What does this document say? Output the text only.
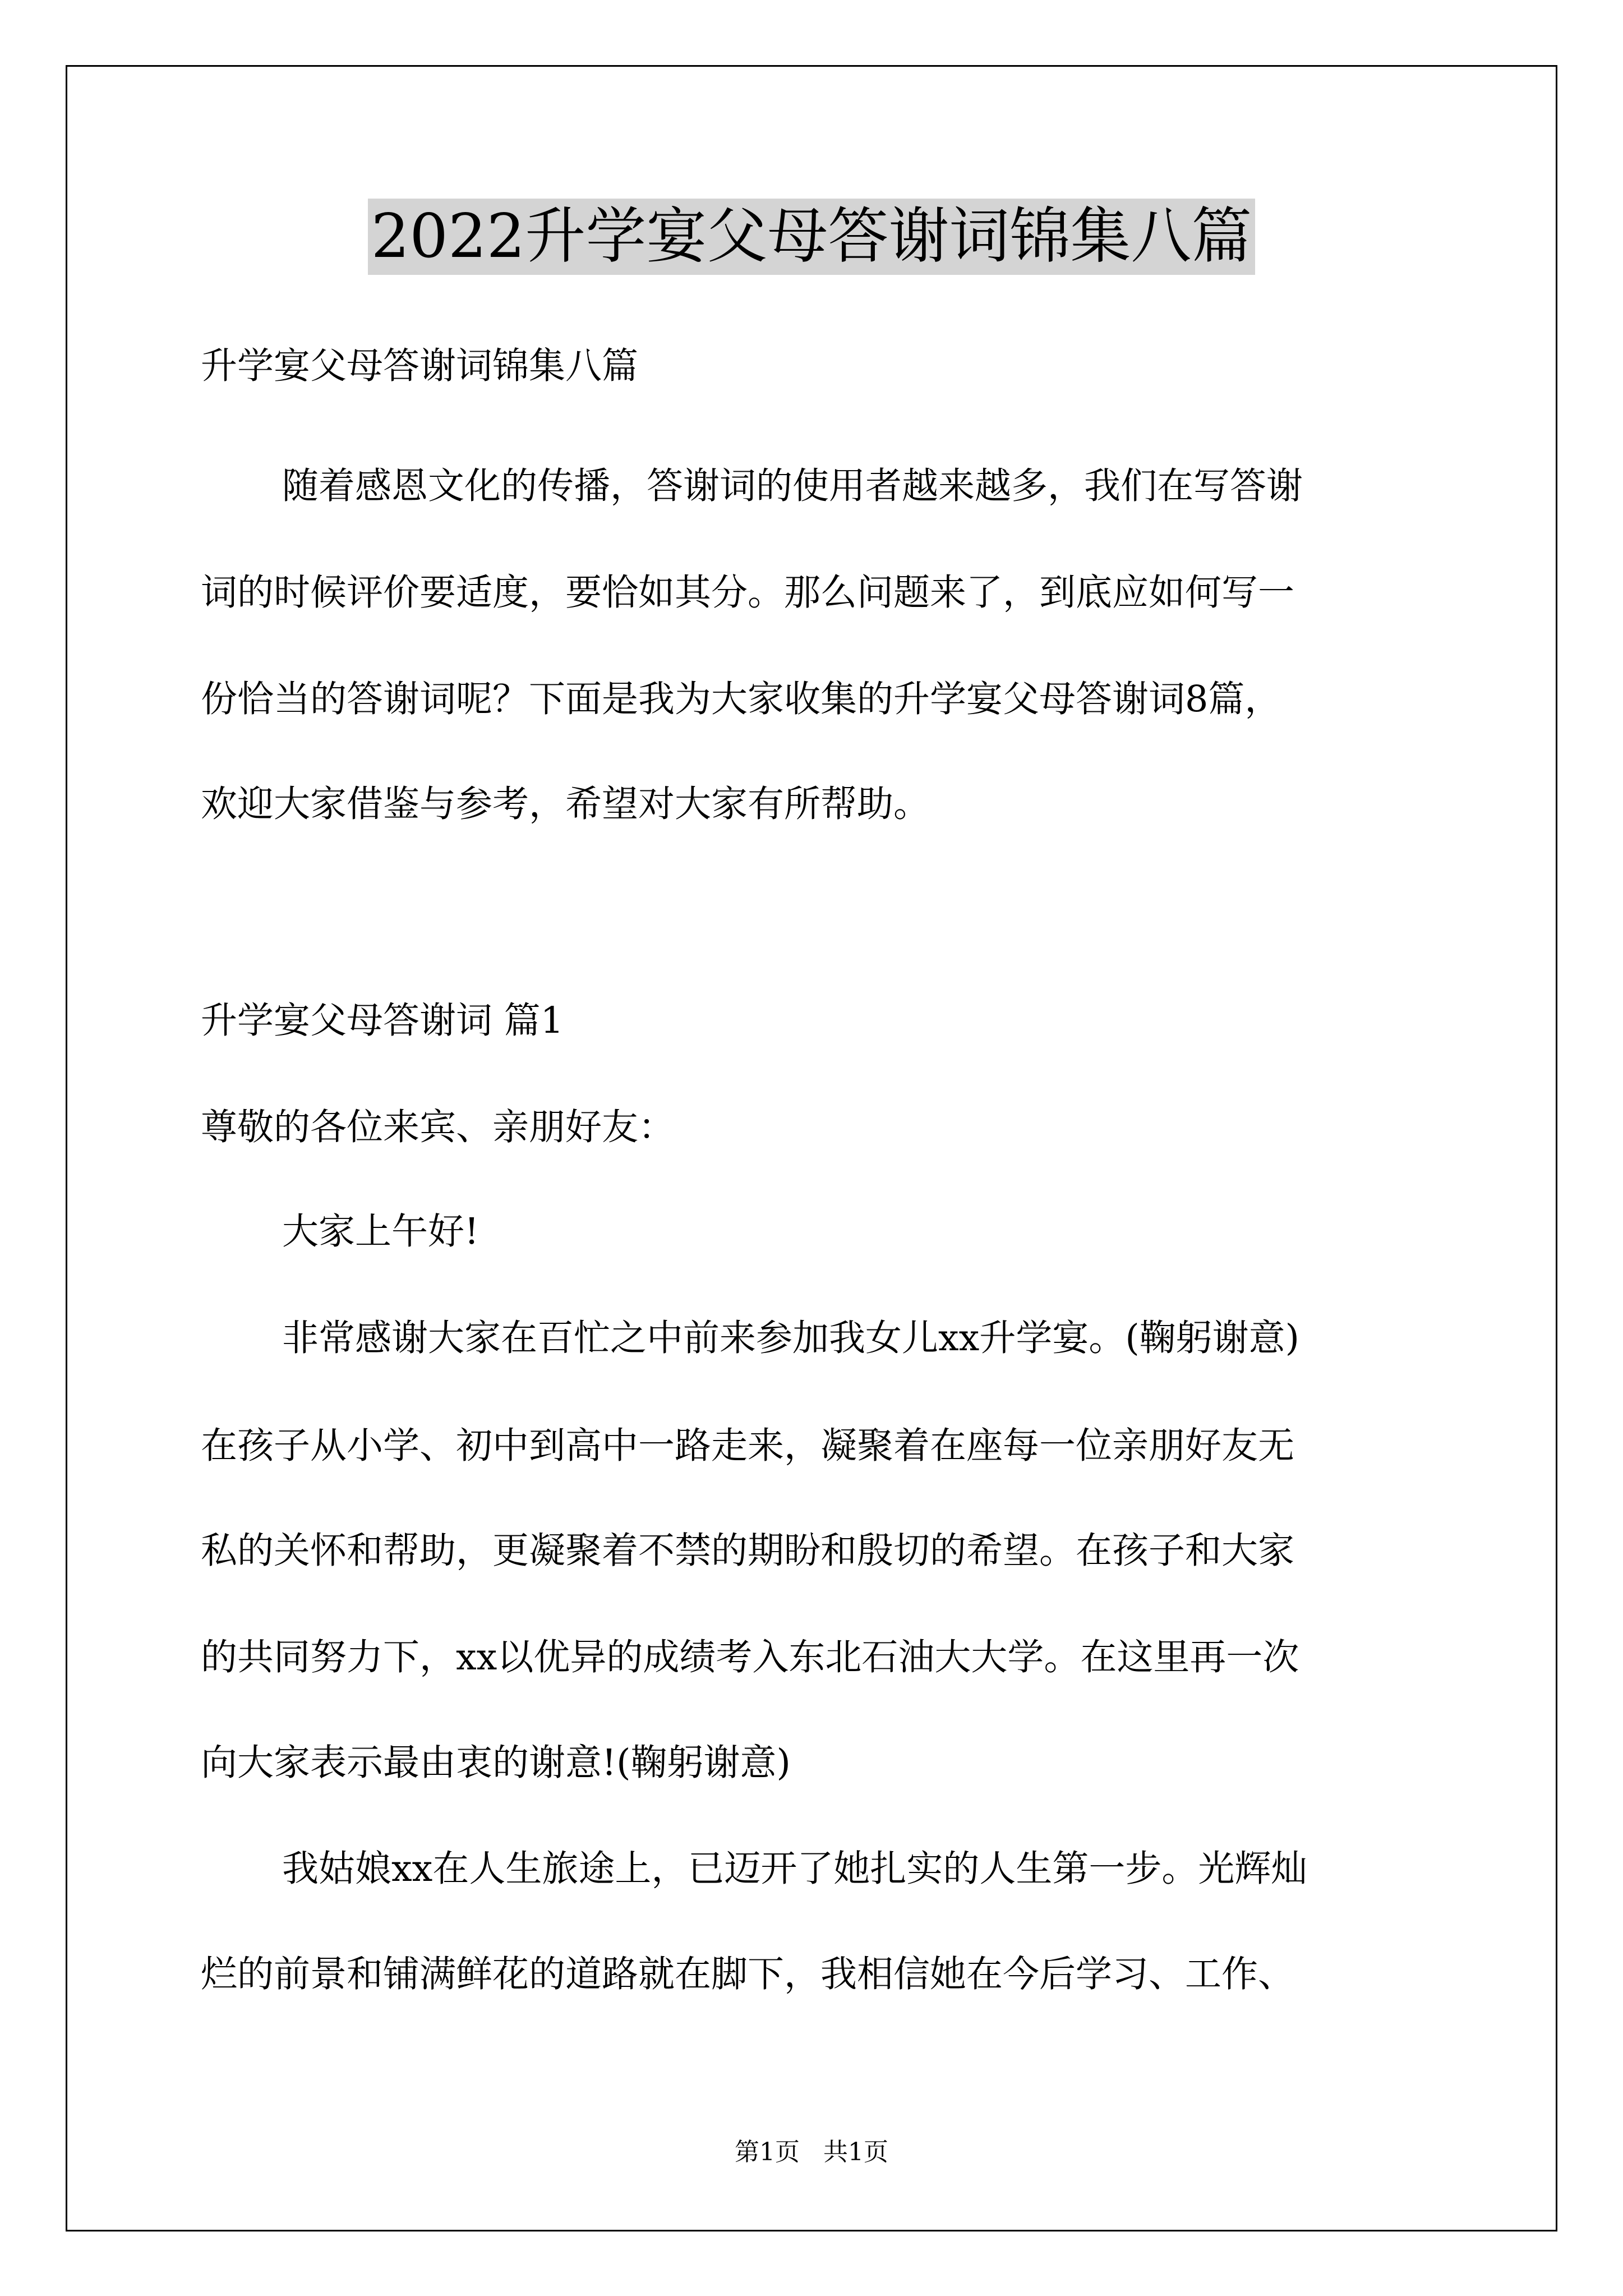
2022升学宴父母答谢词锦集八篇
升学宴父母答谢词锦集八篇
随着感恩文化的传播，答谢词的使用者越来越多，我们在写答谢
词的时候评价要适度，要恰如其分。那么问题来了，到底应如何写一
份恰当的答谢词呢？下面是我为大家收集的升学宴父母答谢词8篇，
欢迎大家借鉴与参考，希望对大家有所帮助。
升学宴父母答谢词 篇1
尊敬的各位来宾、亲朋好友：
大家上午好!
非常感谢大家在百忙之中前来参加我女儿xx升学宴。(鞠躬谢意)
在孩子从小学、初中到高中一路走来，凝聚着在座每一位亲朋好友无
私的关怀和帮助，更凝聚着不禁的期盼和殷切的希望。在孩子和大家
的共同努力下，xx以优异的成绩考入东北石油大大学。在这里再一次
向大家表示最由衷的谢意!(鞠躬谢意)
我姑娘xx在人生旅途上，已迈开了她扎实的人生第一步。光辉灿
烂的前景和铺满鲜花的道路就在脚下，我相信她在今后学习、工作、
第1页   共1页
